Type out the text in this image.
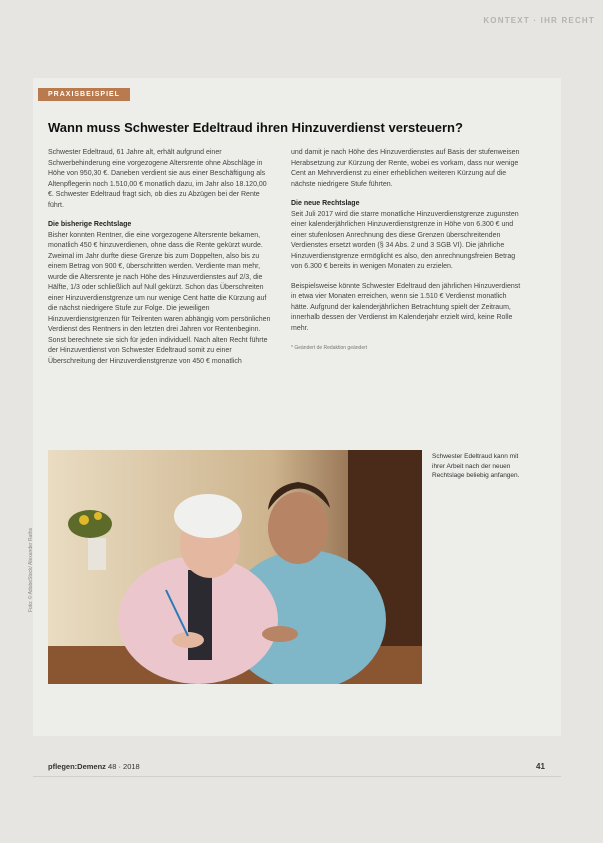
KONTEXT · IHR RECHT
PRAXISBEISPIEL
Wann muss Schwester Edeltraud ihren Hinzuverdienst versteuern?

Schwester Edeltraud, 61 Jahre alt, erhält aufgrund einer Schwerbehinderung eine vorgezogene Altersrente ohne Abschläge in Höhe von 950,30 €. Daneben verdient sie aus einer Beschäftigung als Altenpflegerin noch 1.510,00 € monatlich dazu, im Jahr also 18.120,00 €. Schwester Edeltraud fragt sich, ob dies zu Abzügen bei der Rente führt.

Die bisherige Rechtslage

Bisher konnten Rentner, die eine vorgezogene Altersrente bekamen, monatlich 450 € hinzuverdienen, ohne dass die Rente gekürzt wurde. Zweimal im Jahr durfte diese Grenze bis zum Doppelten, also bis zu einem Betrag von 900 €, überschritten werden. Verdiente man mehr, wurde die Altersrente je nach Höhe des Hinzuverdienstes auf 2/3, die Hälfte, 1/3 oder schließlich auf Null gekürzt. Schon das Überschreiten einer Hinzuverdienstgrenze um nur wenige Cent hatte die Kürzung auf die nächst niedrigere Stufe zur Folge. Die jeweiligen Hinzuverdienstgrenzen für Teilrenten waren abhängig vom persönlichen Verdienst des Rentners in den letzten drei Jahren vor Rentenbeginn. Sonst berechnete sie sich für jeden individuell. Nach alten Recht führte der Hinzuverdienst von Schwester Edeltraud somit zu einer Überschreitung der Hinzuverdienstgrenze von 450 € monatlich

und damit je nach Höhe des Hinzuverdienstes auf Basis der stufenweisen Herabsetzung zur Kürzung der Rente, wobei es vorkam, dass nur wenige Cent an Mehrverdienst zu einer erheblichen weiteren Kürzung auf die nächste niedrigere Stufe führten.

Die neue Rechtslage

Seit Juli 2017 wird die starre monatliche Hinzuverdienstgrenze zugunsten einer kalenderjährlichen Hinzuverdienstgrenze in Höhe von 6.300 € und einer stufenlosen Anrechnung des diese Grenzen überschreitenden Verdienstes ersetzt worden (§ 34 Abs. 2 und 3 SGB VI). Die jährliche Hinzuverdienstgrenze ermöglicht es also, den anrechnungsfreien Betrag von 6.300 € bereits in wenigen Monaten zu erzielen.

Beispielsweise könnte Schwester Edeltraud den jährlichen Hinzuverdienst in etwa vier Monaten erreichen, wenn sie 1.510 € Verdienst monatlich hätte. Aufgrund der kalenderjährlichen Betrachtung spielt der Zeitraum, innerhalb dessen der Verdienst im Kalenderjahr erzielt wird, keine Rolle mehr.

* Geändert de Redaktion geändert

Schwester Edeltraud kann mit ihrer Arbeit nach der neuen Rechtslage beliebig anfangen.
Foto: © AdobeStock/ Alexander Raths
pflegen:Demenz 48 · 2018	41
